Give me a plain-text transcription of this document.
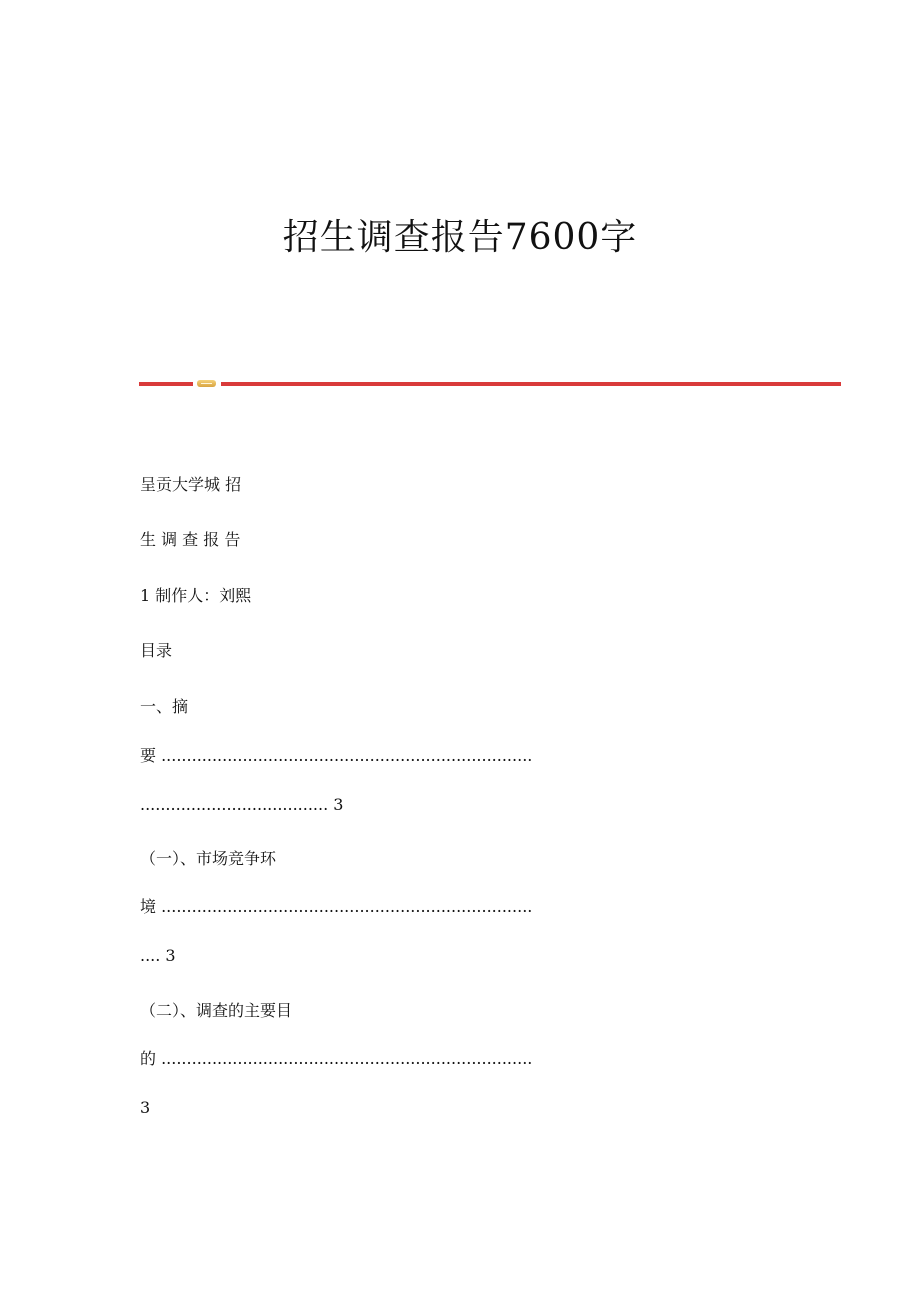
招生调查报告7600字

呈贡大学城 招

生 调 查 报 告

1 制作人：刘熙

目录

一、摘

要 .........................................................................

..................................... 3

（一）、市场竞争环

境 .........................................................................

.... 3

（二）、调查的主要目

的 .........................................................................

3
